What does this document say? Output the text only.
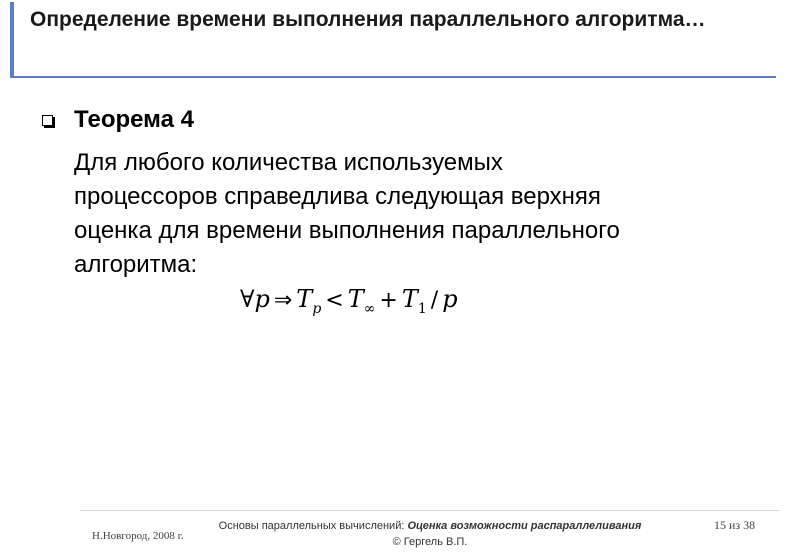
Определение времени выполнения параллельного алгоритма…
Теорема 4
Для любого количества используемых
процессоров справедлива следующая верхняя
оценка для времени выполнения параллельного
алгоритма:
∀p ⇒ $T_p < T_\infty + T_1 / p$
Н.Новгород, 2008 г.
Основы параллельных вычислений: Оценка возможности распараллеливания
© Гергель В.П.
15 из 38
